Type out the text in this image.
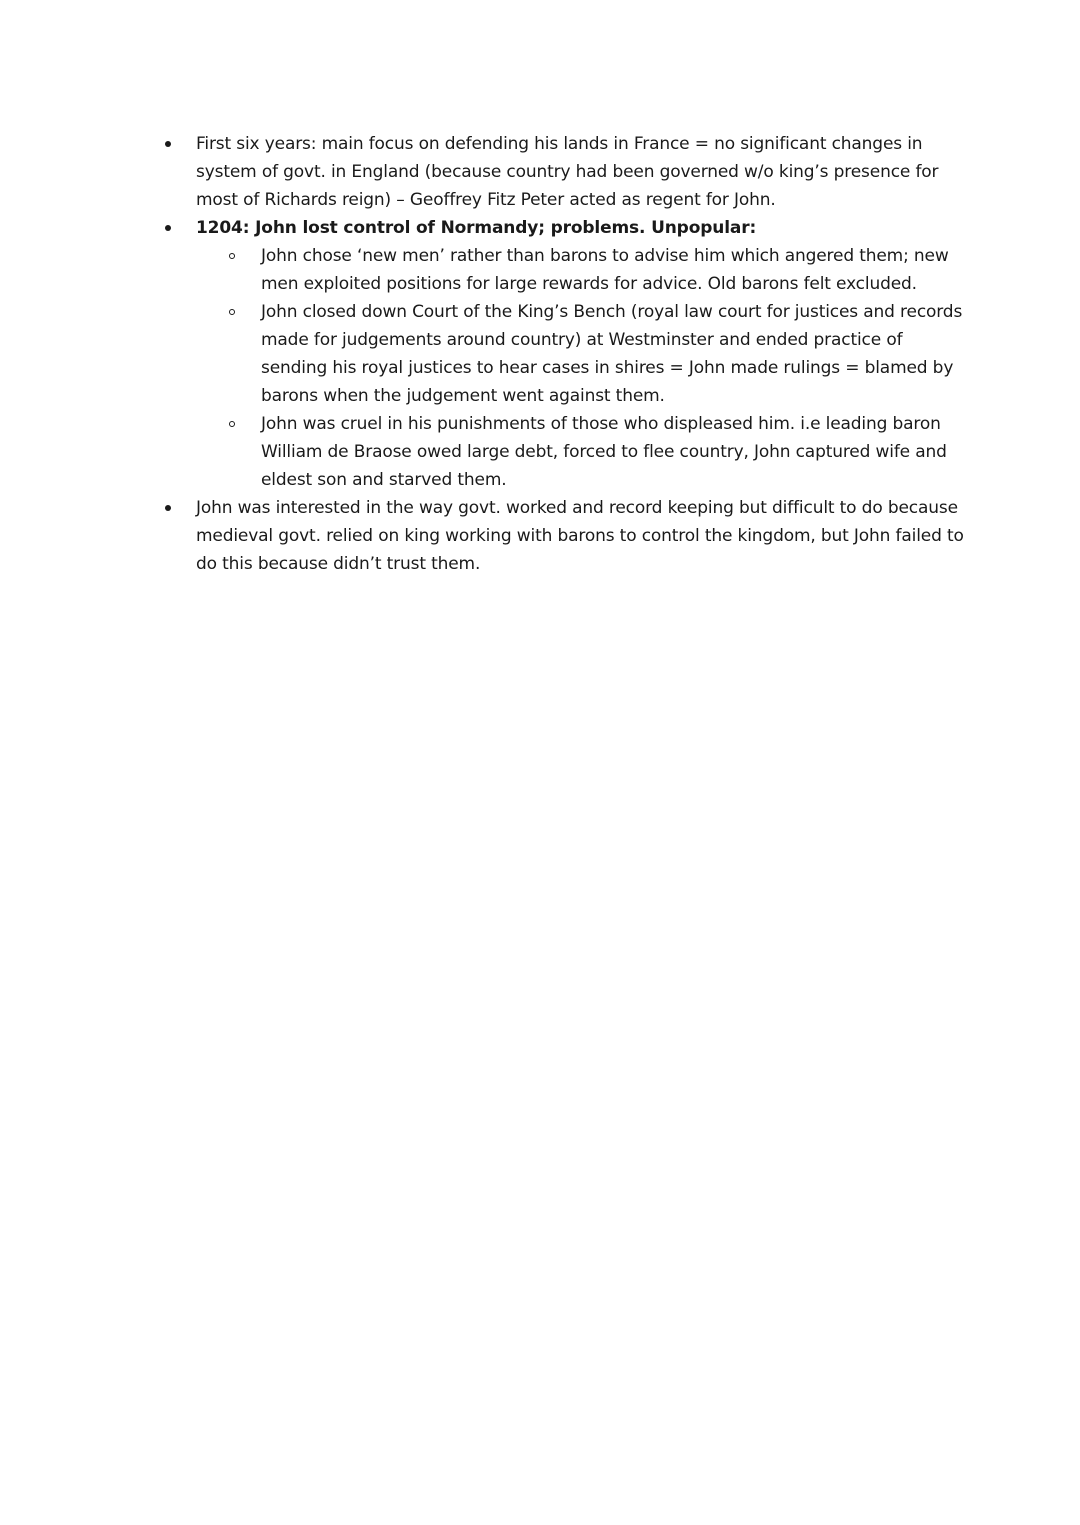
First six years: main focus on defending his lands in France = no significant changes in system of govt. in England (because country had been governed w/o king’s presence for most of Richards reign) – Geoffrey Fitz Peter acted as regent for John.
1204: John lost control of Normandy; problems. Unpopular:
John chose ‘new men’ rather than barons to advise him which angered them; new men exploited positions for large rewards for advice. Old barons felt excluded.
John closed down Court of the King’s Bench (royal law court for justices and records made for judgements around country) at Westminster and ended practice of sending his royal justices to hear cases in shires = John made rulings = blamed by barons when the judgement went against them.
John was cruel in his punishments of those who displeased him. i.e leading baron William de Braose owed large debt, forced to flee country, John captured wife and eldest son and starved them.
John was interested in the way govt. worked and record keeping but difficult to do because medieval govt. relied on king working with barons to control the kingdom, but John failed to do this because didn’t trust them.
